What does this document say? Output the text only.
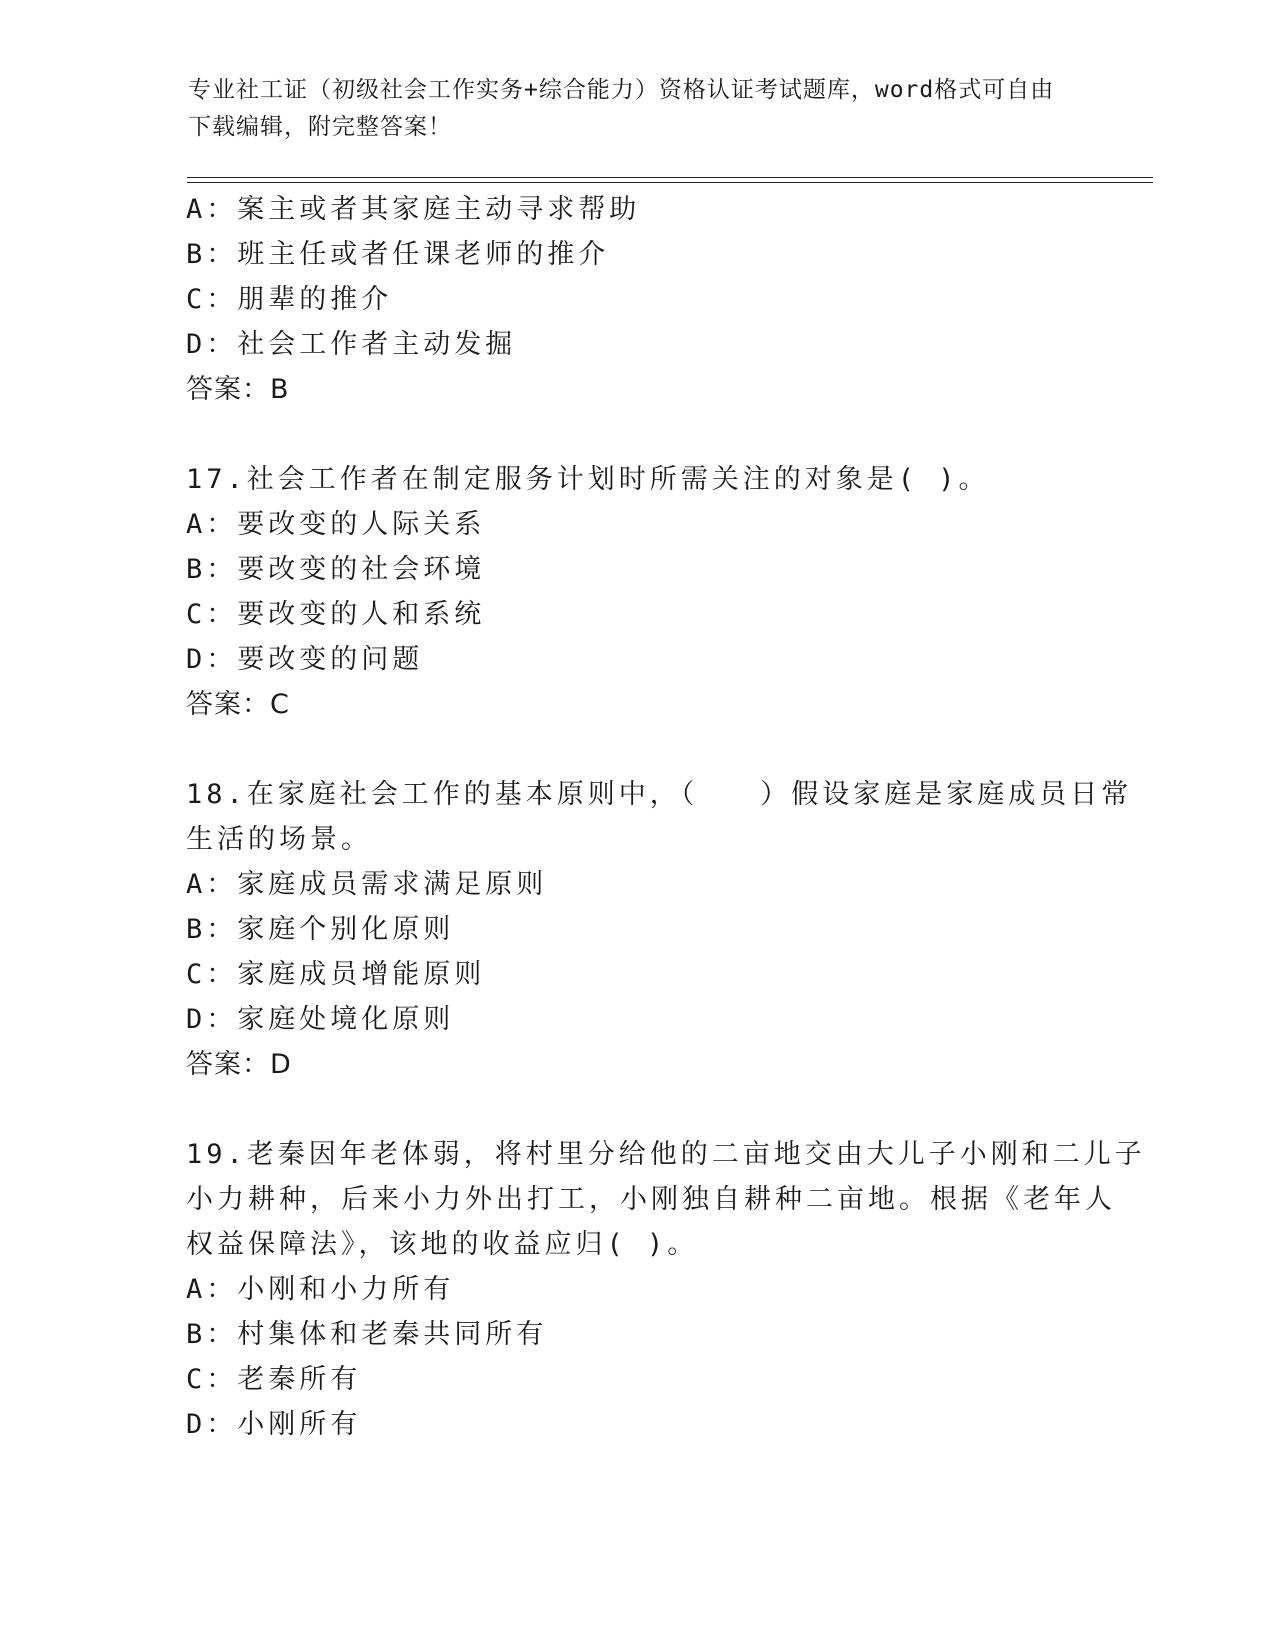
专业社工证（初级社会工作实务+综合能力）资格认证考试题库，word格式可自由
下载编辑，附完整答案！
A：案主或者其家庭主动寻求帮助
B：班主任或者任课老师的推介
C：朋辈的推介
D：社会工作者主动发掘
答案：B
17.社会工作者在制定服务计划时所需关注的对象是( )。
A：要改变的人际关系
B：要改变的社会环境
C：要改变的人和系统
D：要改变的问题
答案：C
18.在家庭社会工作的基本原则中，（　　）假设家庭是家庭成员日常
生活的场景。
A：家庭成员需求满足原则
B：家庭个别化原则
C：家庭成员增能原则
D：家庭处境化原则
答案：D
19.老秦因年老体弱，将村里分给他的二亩地交由大儿子小刚和二儿子
小力耕种，后来小力外出打工，小刚独自耕种二亩地。根据《老年人
权益保障法》，该地的收益应归( )。
A：小刚和小力所有
B：村集体和老秦共同所有
C：老秦所有
D：小刚所有
